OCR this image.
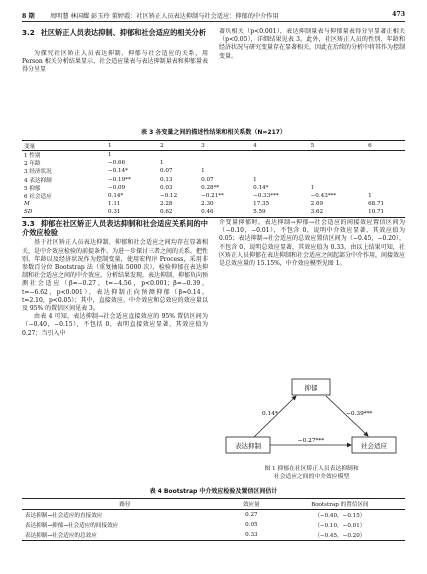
8 期 周明慧 林国耀 彭玉玲 董婷霞：社区矫正人员表达抑制与社会适应：抑郁的中介作用	473
3.2 社区矫正人员表达抑制、抑郁和社会适应的相关分析

为探究社区矫正人员表达抑制、抑郁与社会适应的关系，用 Person 相关分析结果显示，社会适应量表与表达抑制量表和抑郁量表得分呈显

著负相关（p<0.001），表达抑制量表与抑郁量表得分呈显著正相关（p<0.05），详细结果见表 3。此外，社区矫正人员的性别、年龄和经济状况与研究变量存在显著相关，因此在后续的分析中将其作为控制变量。

表 3 各变量之间的描述性结果和相关系数（N=217）
变量	1	2	3	4	5	6
1 性别	1					
2 年龄	−0.66	1				
3 经济状况	−0.14*	0.07	1			
4 表达抑制	−0.19**	0.13	0.07	1		
5 抑郁	−0.09	0.03	0.28**	0.14*	1	
6 社会适应	0.14*	−0.12	−0.21**	−0.33***	−0.43***	1
M	1.11	2.28	2.30	17.35	2.69	68.71
SD	0.31	0.62	0.46	5.59	3.62	10.71
3.3 抑郁在社区矫正人员表达抑制和社会适应关系间的中介效应检验

基于社区矫正人员表达抑制、抑郁和社会适应之间均存在显著相关，是中介效应检验的前提条件。为进一步探讨三者之间的关系，把性别、年龄以及经济状况作为控制变量，使用宏程序 Process，采用非参数百分位 Bootstrap 法（重复抽取 5000 次），检验抑郁在表达抑制和社会适应之间的中介效应。分析结果发现，表达抑制、抑郁负向预测社会适应（β=−0.27，t=−4.56，p<0.001；β=−0.39，t=−6.62，p<0.001），表达抑制正向预测抑郁（β=0.14，t=2.10，p<0.05）；其中，直接效应、中介效应和总效应的效应量以及 95% 的置信区间见表 3。

由表 4 可知，表达抑制→社会适应直接效应的 95% 置信区间为（−0.40，−0.15），不包括 0，表明直接效应显著，其效应值为 0.27；当引入中

介变量抑郁时，表达抑制→抑郁→社会适应的间接效应置信区间为（−0.10，−0.01），不包含 0，说明中介效应显著，其效应值为 0.05；表达抑制→社会适应的总效应置信区间为（−0.45，−0.20），不包含 0，说明总效应显著，其效应值为 0.33。由以上结果可知，社区矫正人员抑郁在表达抑制和社会适应之间起部分中介作用，间接效应是总效应量的 15.15%，中介效应模型见图 1。

抑郁
表达抑制	社会适应
0.14*	−0.39***
−0.27***
图 1 抑郁在社区矫正人员表达抑制和
社会适应之间的中介效应模型
表 4 Bootstrap 中介效应检验及置信区间估计
路径	效应量	Bootstrap 的置信区间
表达抑制→社会适应的直接效应	0.27	（−0.40，−0.15）
表达抑制→抑郁→社会适应的间接效应	0.05	（−0.10，−0.01）
表达抑制→社会适应的总效应	0.33	（−0.45，−0.20）
